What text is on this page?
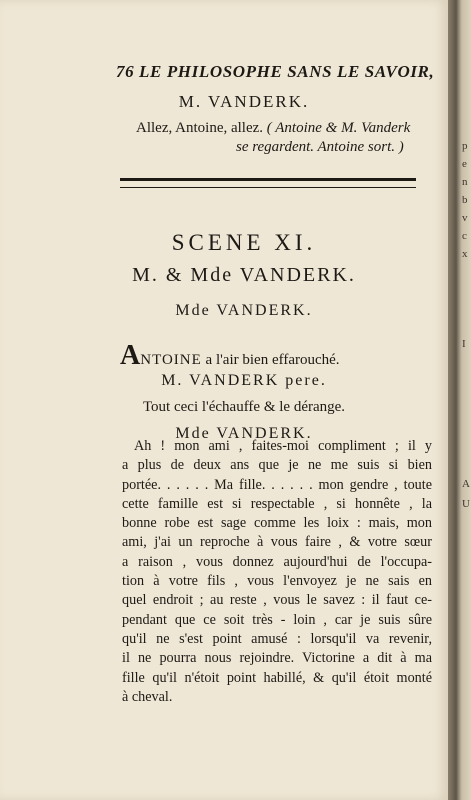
76 LE PHILOSOPHE SANS LE SAVOIR,
M. VANDERK.
Allez, Antoine, allez. ( Antoine & M. Vanderk
se regardent. Antoine sort. )
SCENE XI.
M. & Mde VANDERK.
Mde VANDERK.
ANTOINE a l'air bien effarouché.
M. VANDERK pere.
Tout ceci l'échauffe & le dérange.
Mde VANDERK.
Ah ! mon ami , faites-moi compliment ; il y
a plus de deux ans que je ne me suis si bien
portée. . . . . . Ma fille. . . . . . mon gendre , toute
cette famille est si respectable , si honnête , la
bonne robe est sage comme les loix : mais, mon
ami, j'ai un reproche à vous faire , & votre sœur
a raison , vous donnez aujourd'hui de l'occupa-
tion à votre fils , vous l'envoyez je ne sais en
quel endroit ; au reste , vous le savez : il faut ce-
pendant que ce soit très - loin , car je suis sûre
qu'il ne s'est point amusé : lorsqu'il va revenir,
il ne pourra nous rejoindre. Victorine a dit à ma
fille qu'il n'étoit point habillé, & qu'il étoit monté
à cheval.
p
e
n
b
v
c
x
I
A
U
